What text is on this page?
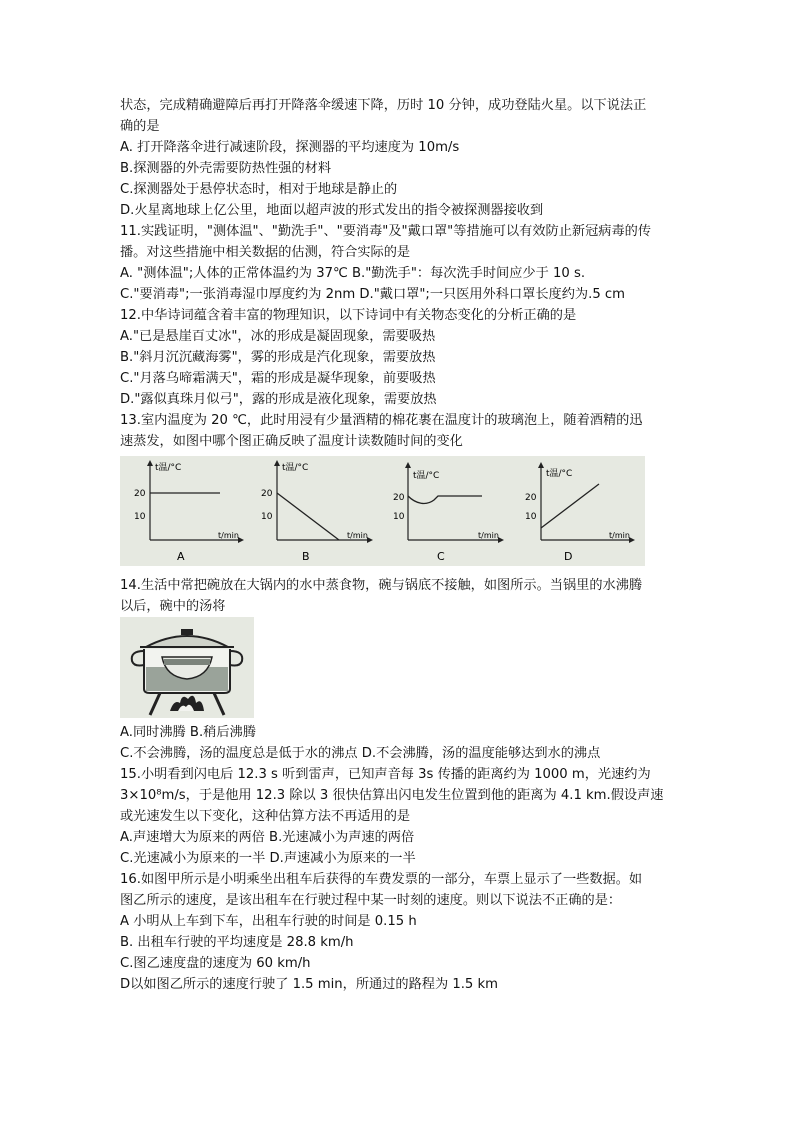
状态，完成精确避障后再打开降落伞缓速下降，历时 10 分钟，成功登陆火星。以下说法正
确的是
A. 打开降落伞进行减速阶段，探测器的平均速度为 10m/s
B.探测器的外壳需要防热性强的材料
C.探测器处于悬停状态时，相对于地球是静止的
D.火星离地球上亿公里，地面以超声波的形式发出的指令被探测器接收到
11.实践证明，"测体温"、"勤洗手"、"要消毒"及"戴口罩"等措施可以有效防止新冠病毒的传
播。对这些措施中相关数据的估测，符合实际的是
A. "测体温";人体的正常体温约为 37℃ B."勤洗手"：每次洗手时间应少于 10 s.
C."要消毒";一张消毒湿巾厚度约为 2nm D."戴口罩";一只医用外科口罩长度约为.5 cm
12.中华诗词蕴含着丰富的物理知识，以下诗词中有关物态变化的分析正确的是
A."已是悬崖百丈冰"，冰的形成是凝固现象，需要吸热
B."斜月沉沉藏海雾"，雾的形成是汽化现象，需要放热
C."月落乌啼霜满天"，霜的形成是凝华现象，前要吸热
D."露似真珠月似弓"，露的形成是液化现象，需要放热
13.室内温度为 20 ℃，此时用浸有少量酒精的棉花裹在温度计的玻璃泡上，随着酒精的迅
速蒸发，如图中哪个图正确反映了温度计读数随时间的变化
t温/°C
20
10
t/min
A
t温/°C
20
10
t/min
B
t温/°C
20
10
t/min
C
t温/°C
20
10
t/min
D
14.生活中常把碗放在大锅内的水中蒸食物，碗与锅底不接触，如图所示。当锅里的水沸腾
以后，碗中的汤将
A.同时沸腾 B.稍后沸腾
C.不会沸腾，汤的温度总是低于水的沸点 D.不会沸腾，汤的温度能够达到水的沸点
15.小明看到闪电后 12.3 s 听到雷声，已知声音每 3s 传播的距离约为 1000 m，光速约为
3×10⁸m/s，于是他用 12.3 除以 3 很快估算出闪电发生位置到他的距离为 4.1 km.假设声速
或光速发生以下变化，这种估算方法不再适用的是
A.声速增大为原来的两倍 B.光速减小为声速的两倍
C.光速减小为原来的一半 D.声速减小为原来的一半
16.如图甲所示是小明乘坐出租车后获得的车费发票的一部分，车票上显示了一些数据。如
图乙所示的速度，是该出租车在行驶过程中某一时刻的速度。则以下说法不正确的是：
A 小明从上车到下车，出租车行驶的时间是 0.15 h
B. 出租车行驶的平均速度是 28.8 km/h
C.图乙速度盘的速度为 60 km/h
D以如图乙所示的速度行驶了 1.5 min，所通过的路程为 1.5 km
